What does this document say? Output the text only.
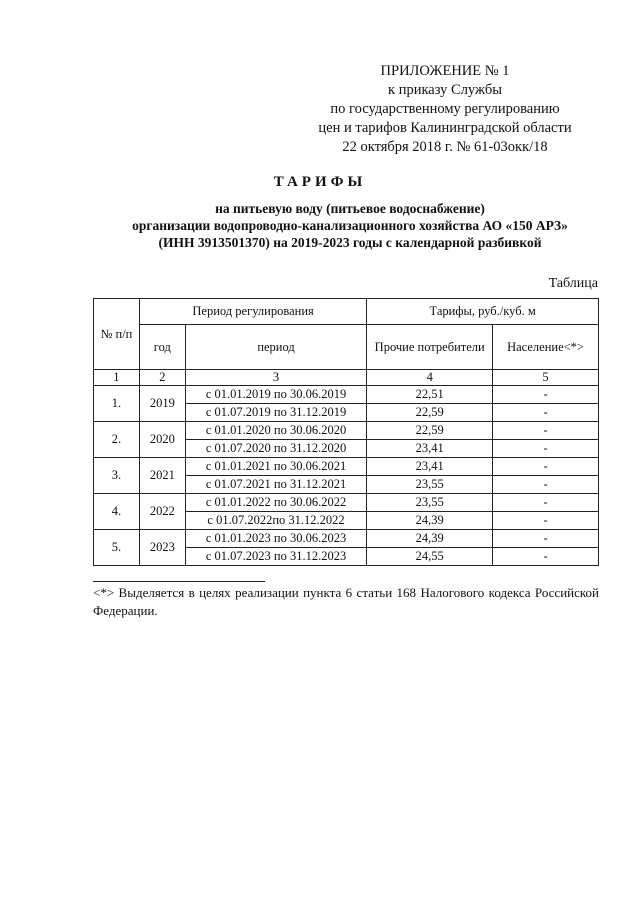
ПРИЛОЖЕНИЕ № 1
к приказу Службы
по государственному регулированию
цен и тарифов Калининградской области
22 октября 2018 г. № 61-03окк/18
ТАРИФЫ
на питьевую воду (питьевое водоснабжение)
организации водопроводно-канализационного хозяйства АО «150 АРЗ»
(ИНН 3913501370) на 2019-2023 годы с календарной разбивкой
Таблица
№ п/п	Период регулирования		Тарифы, руб./куб. м	
	год	период	Прочие потребители	Население<*>
1	2	3	4	5
1.	2019	с 01.01.2019 по 30.06.2019	22,51	-
		с 01.07.2019 по 31.12.2019	22,59	-
2.	2020	с 01.01.2020 по 30.06.2020	22,59	-
		с 01.07.2020 по 31.12.2020	23,41	-
3.	2021	с 01.01.2021 по 30.06.2021	23,41	-
		с 01.07.2021 по 31.12.2021	23,55	-
4.	2022	с 01.01.2022 по 30.06.2022	23,55	-
		с 01.07.2022по 31.12.2022	24,39	-
5.	2023	с 01.01.2023 по 30.06.2023	24,39	-
		с 01.07.2023 по 31.12.2023	24,55	-
<*> Выделяется в целях реализации пункта 6 статьи 168 Налогового кодекса Российской Федерации.
